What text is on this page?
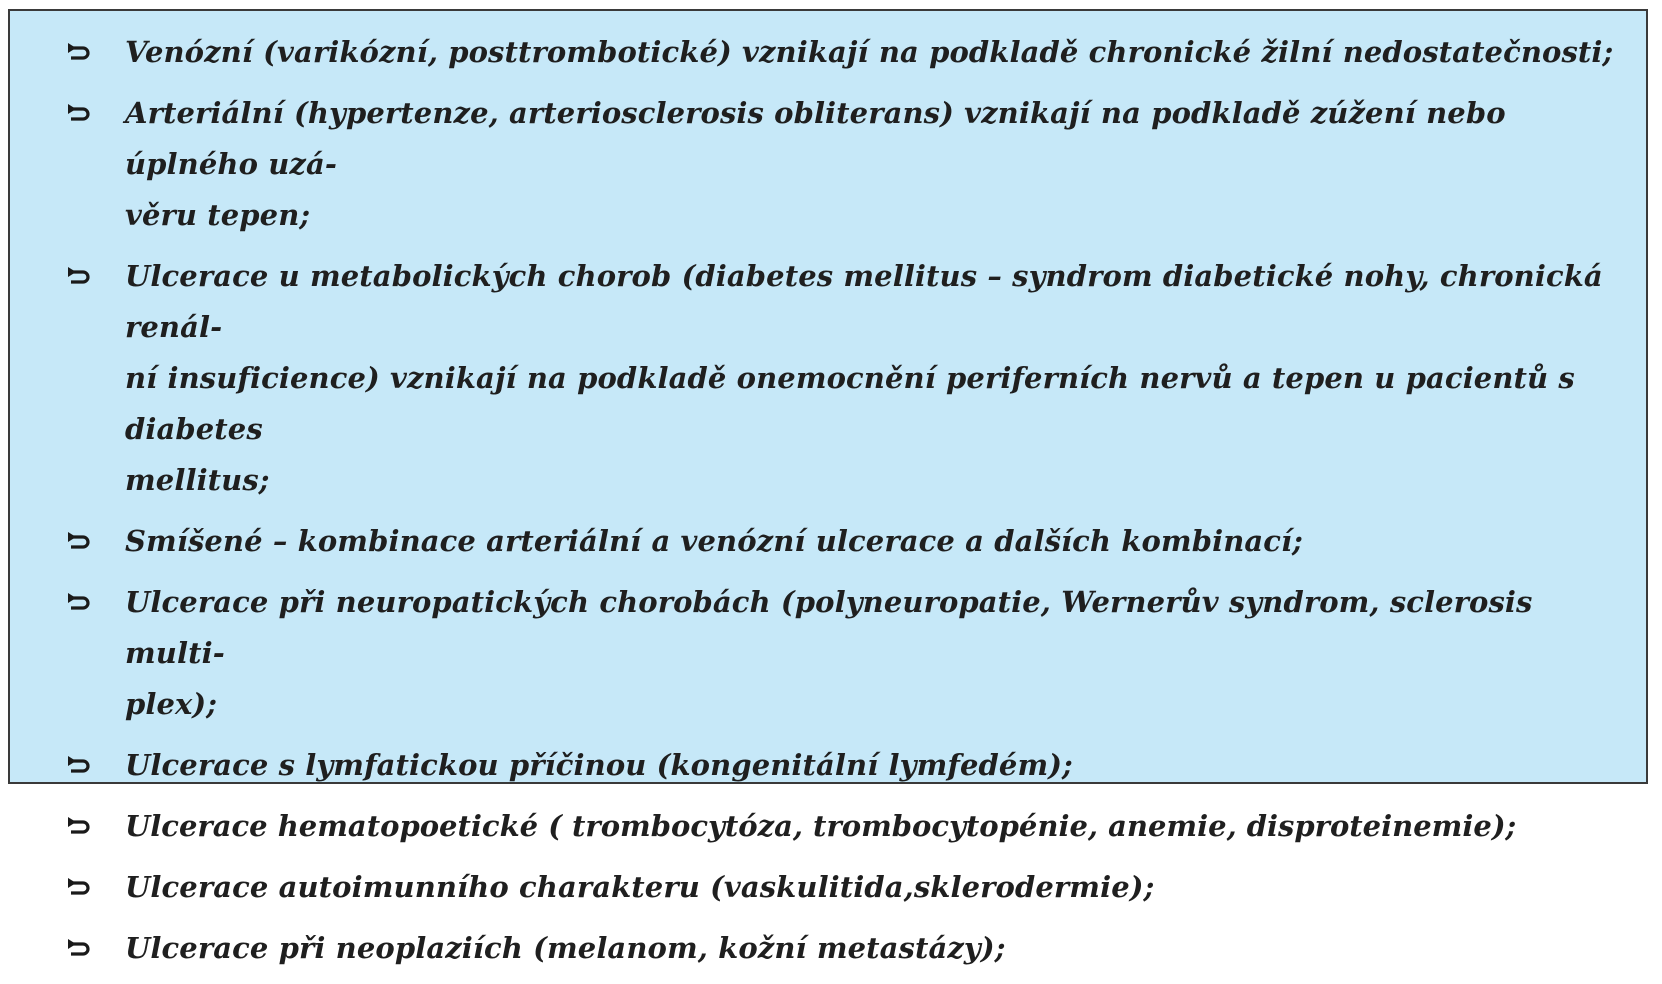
Venózní (varikózní, posttrombotické) vznikají na podkladě chronické žilní nedostatečnosti;
Arteriální (hypertenze, arteriosclerosis obliterans) vznikají na podkladě zúžení nebo úplného uzá-
věru tepen;
Ulcerace u metabolických chorob (diabetes mellitus – syndrom diabetické nohy, chronická renál-
ní insuficience) vznikají na podkladě onemocnění periferních nervů a tepen u pacientů s diabetes
mellitus;
Smíšené – kombinace arteriální a venózní ulcerace a dalších kombinací;
Ulcerace při neuropatických chorobách (polyneuropatie, Wernerův syndrom, sclerosis multi-
plex);
Ulcerace s lymfatickou příčinou (kongenitální lymfedém);
Ulcerace hematopoetické ( trombocytóza, trombocytopénie, anemie, disproteinemie);
Ulcerace autoimunního charakteru (vaskulitida,sklerodermie);
Ulcerace při neoplaziích (melanom, kožní metastázy);
